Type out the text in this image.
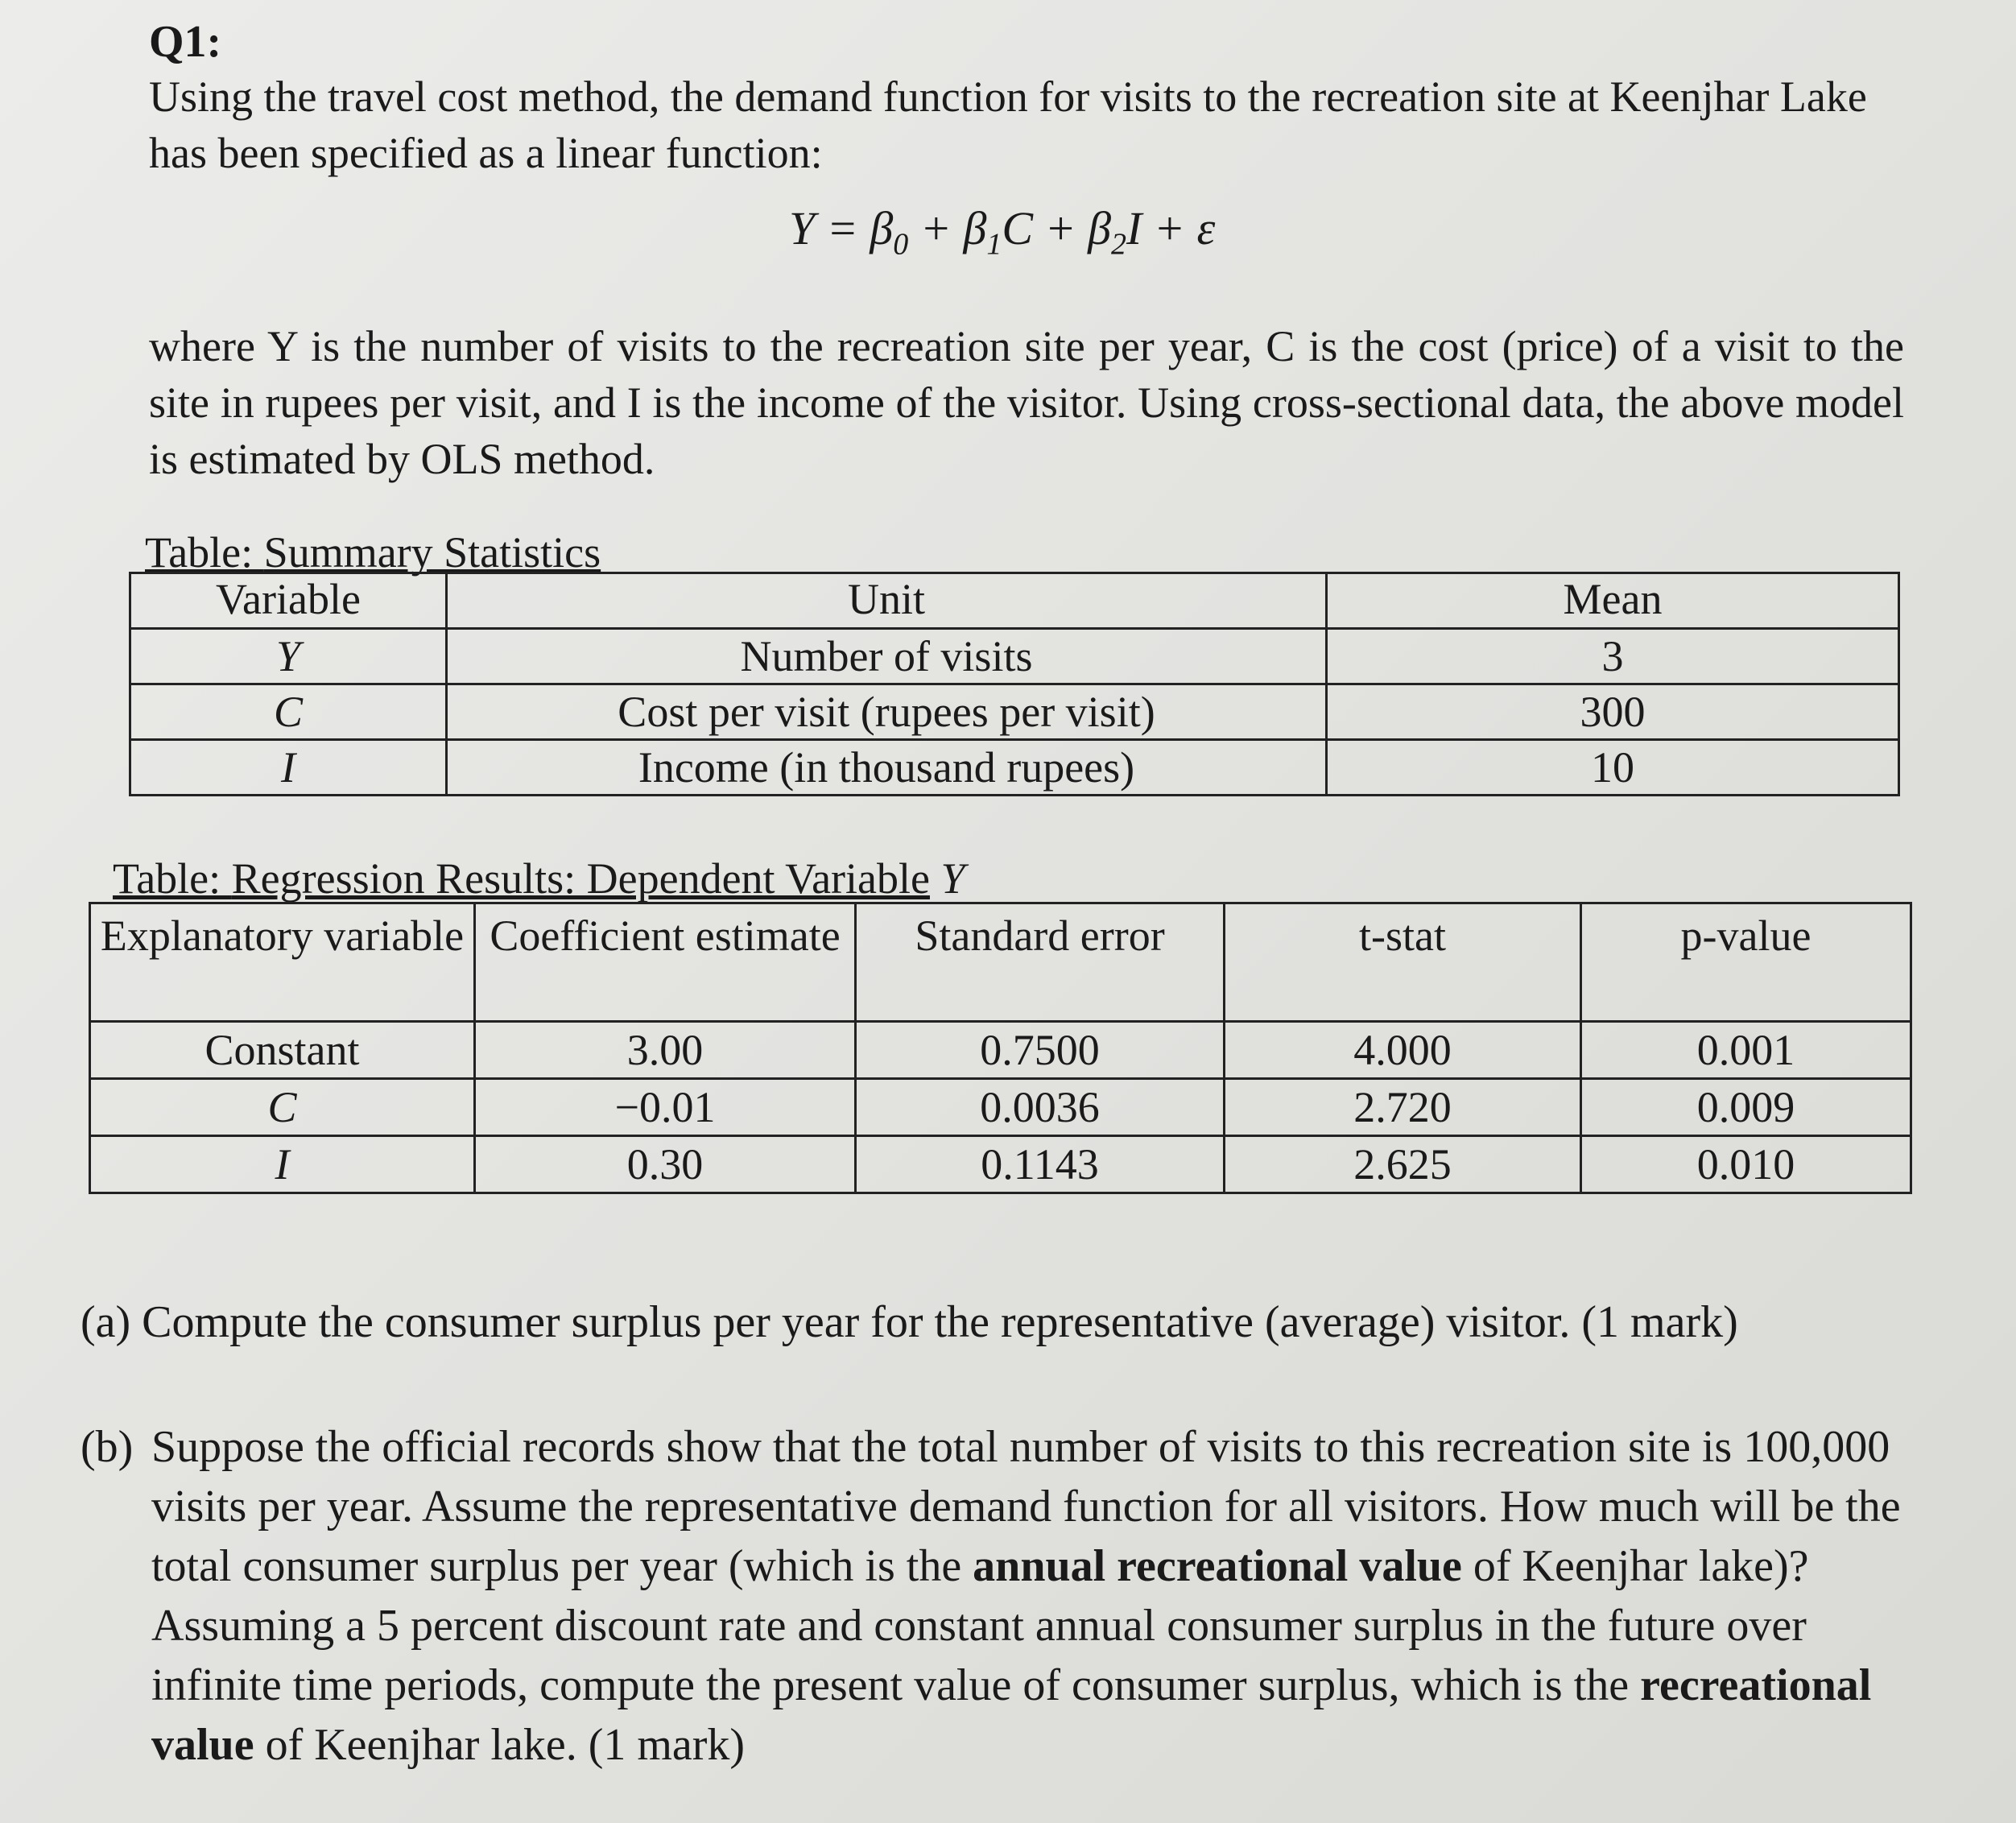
Q1:
Using the travel cost method, the demand function for visits to the recreation site at Keenjhar Lake has been specified as a linear function:
$Y = \beta_0 + \beta_1C + \beta_2I + \varepsilon$
where Y is the number of visits to the recreation site per year, C is the cost (price) of a visit to the site in rupees per visit, and I is the income of the visitor. Using cross-sectional data, the above model is estimated by OLS method.
Table: Summary Statistics
Variable	Unit	Mean
Y	Number of visits	3
C	Cost per visit (rupees per visit)	300
I	Income (in thousand rupees)	10
Table: Regression Results: Dependent Variable Y
Explanatory variable	Coefficient estimate	Standard error	t-stat	p-value
Constant	3.00	0.7500	4.000	0.001
C	−0.01	0.0036	2.720	0.009
I	0.30	0.1143	2.625	0.010
(a) Compute the consumer surplus per year for the representative (average) visitor. (1 mark)
(b) Suppose the official records show that the total number of visits to this recreation site is 100,000 visits per year. Assume the representative demand function for all visitors. How much will be the total consumer surplus per year (which is the annual recreational value of Keenjhar lake)? Assuming a 5 percent discount rate and constant annual consumer surplus in the future over infinite time periods, compute the present value of consumer surplus, which is the recreational value of Keenjhar lake. (1 mark)
